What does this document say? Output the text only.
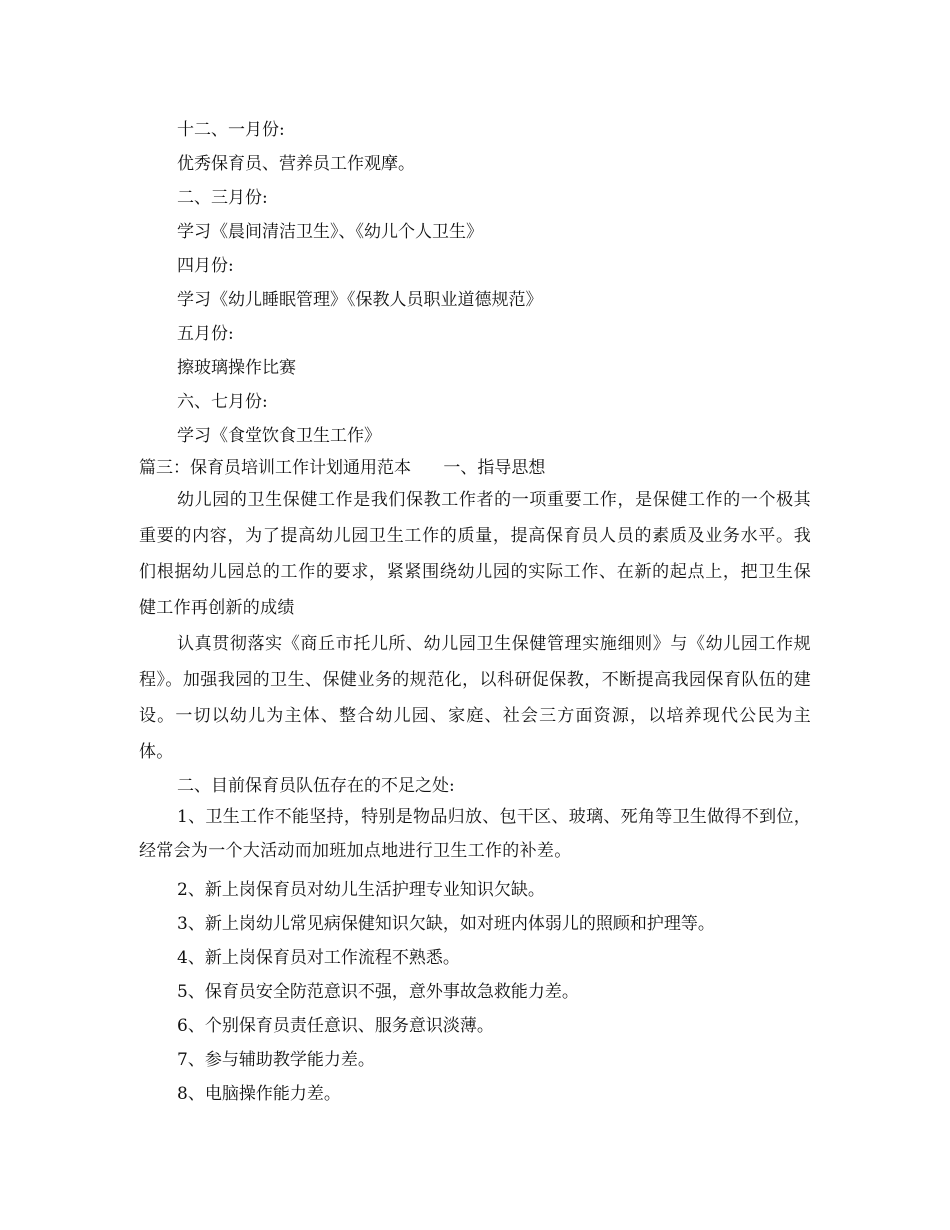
十二、一月份:
优秀保育员、营养员工作观摩。
二、三月份:
学习《晨间清洁卫生》、《幼儿个人卫生》
四月份:
学习《幼儿睡眠管理》《保教人员职业道德规范》
五月份:
擦玻璃操作比赛
六、七月份:
学习《食堂饮食卫生工作》
篇三：保育员培训工作计划通用范本      一、指导思想
幼儿园的卫生保健工作是我们保教工作者的一项重要工作，是保健工作的一个极其重要的内容，为了提高幼儿园卫生工作的质量，提高保育员人员的素质及业务水平。我们根据幼儿园总的工作的要求，紧紧围绕幼儿园的实际工作、在新的起点上，把卫生保健工作再创新的成绩
认真贯彻落实《商丘市托儿所、幼儿园卫生保健管理实施细则》与《幼儿园工作规程》。加强我园的卫生、保健业务的规范化，以科研促保教，不断提高我园保育队伍的建设。一切以幼儿为主体、整合幼儿园、家庭、社会三方面资源，以培养现代公民为主体。
二、目前保育员队伍存在的不足之处:
1、卫生工作不能坚持，特别是物品归放、包干区、玻璃、死角等卫生做得不到位，经常会为一个大活动而加班加点地进行卫生工作的补差。
2、新上岗保育员对幼儿生活护理专业知识欠缺。
3、新上岗幼儿常见病保健知识欠缺，如对班内体弱儿的照顾和护理等。
4、新上岗保育员对工作流程不熟悉。
5、保育员安全防范意识不强，意外事故急救能力差。
6、个别保育员责任意识、服务意识淡薄。
7、参与辅助教学能力差。
8、电脑操作能力差。
